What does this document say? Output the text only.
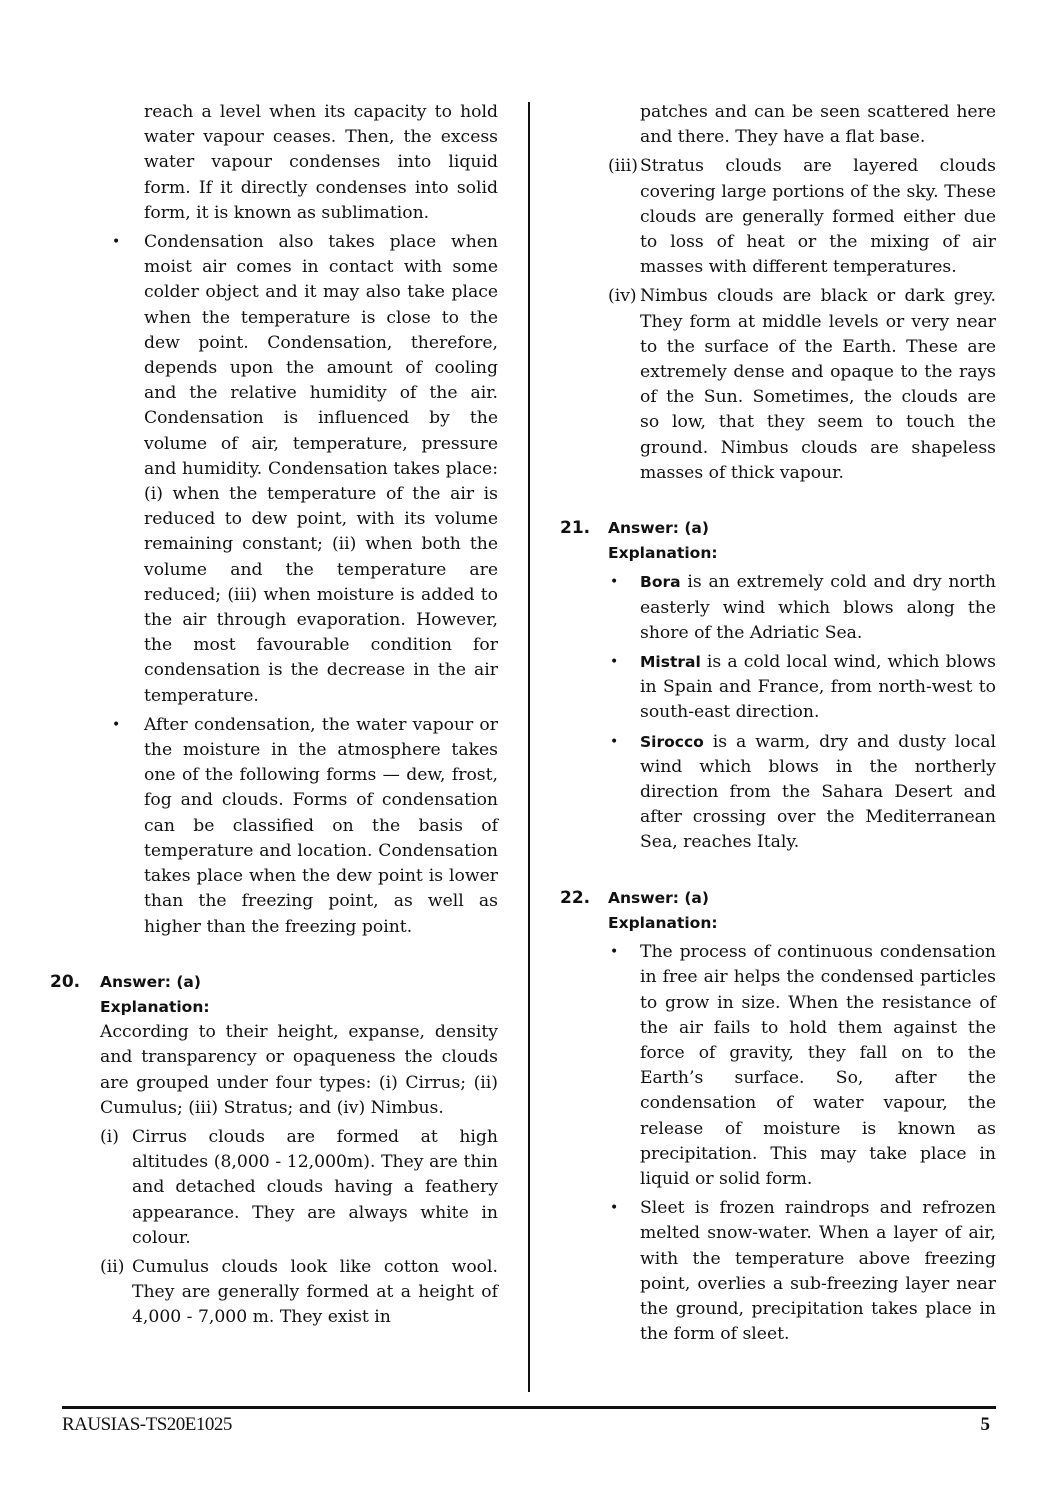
reach a level when its capacity to hold water vapour ceases. Then, the excess water vapour condenses into liquid form. If it directly condenses into solid form, it is known as sublimation.

• Condensation also takes place when moist air comes in contact with some colder object and it may also take place when the temperature is close to the dew point. Condensation, therefore, depends upon the amount of cooling and the relative humidity of the air. Condensation is influenced by the volume of air, temperature, pressure and humidity. Condensation takes place: (i) when the temperature of the air is reduced to dew point, with its volume remaining constant; (ii) when both the volume and the temperature are reduced; (iii) when moisture is added to the air through evaporation. However, the most favourable condition for condensation is the decrease in the air temperature.
• After condensation, the water vapour or the moisture in the atmosphere takes one of the following forms — dew, frost, fog and clouds. Forms of condensation can be classified on the basis of temperature and location. Condensation takes place when the dew point is lower than the freezing point, as well as higher than the freezing point.
20. Answer: (a)
Explanation:

According to their height, expanse, density and transparency or opaqueness the clouds are grouped under four types: (i) Cirrus; (ii) Cumulus; (iii) Stratus; and (iv) Nimbus.

(i) Cirrus clouds are formed at high altitudes (8,000 - 12,000m). They are thin and detached clouds having a feathery appearance. They are always white in colour.
(ii) Cumulus clouds look like cotton wool. They are generally formed at a height of 4,000 - 7,000 m. They exist in

patches and can be seen scattered here and there. They have a flat base.

(iii) Stratus clouds are layered clouds covering large portions of the sky. These clouds are generally formed either due to loss of heat or the mixing of air masses with different temperatures.
(iv) Nimbus clouds are black or dark grey. They form at middle levels or very near to the surface of the Earth. These are extremely dense and opaque to the rays of the Sun. Sometimes, the clouds are so low, that they seem to touch the ground. Nimbus clouds are shapeless masses of thick vapour.
21. Answer: (a)
Explanation:
• Bora is an extremely cold and dry north easterly wind which blows along the shore of the Adriatic Sea.
• Mistral is a cold local wind, which blows in Spain and France, from north-west to south-east direction.
• Sirocco is a warm, dry and dusty local wind which blows in the northerly direction from the Sahara Desert and after crossing over the Mediterranean Sea, reaches Italy.
22. Answer: (a)
Explanation:
• The process of continuous condensation in free air helps the condensed particles to grow in size. When the resistance of the air fails to hold them against the force of gravity, they fall on to the Earth’s surface. So, after the condensation of water vapour, the release of moisture is known as precipitation. This may take place in liquid or solid form.
• Sleet is frozen raindrops and refrozen melted snow-water. When a layer of air, with the temperature above freezing point, overlies a sub-freezing layer near the ground, precipitation takes place in the form of sleet.
RAUSIAS-TS20E1025	5
